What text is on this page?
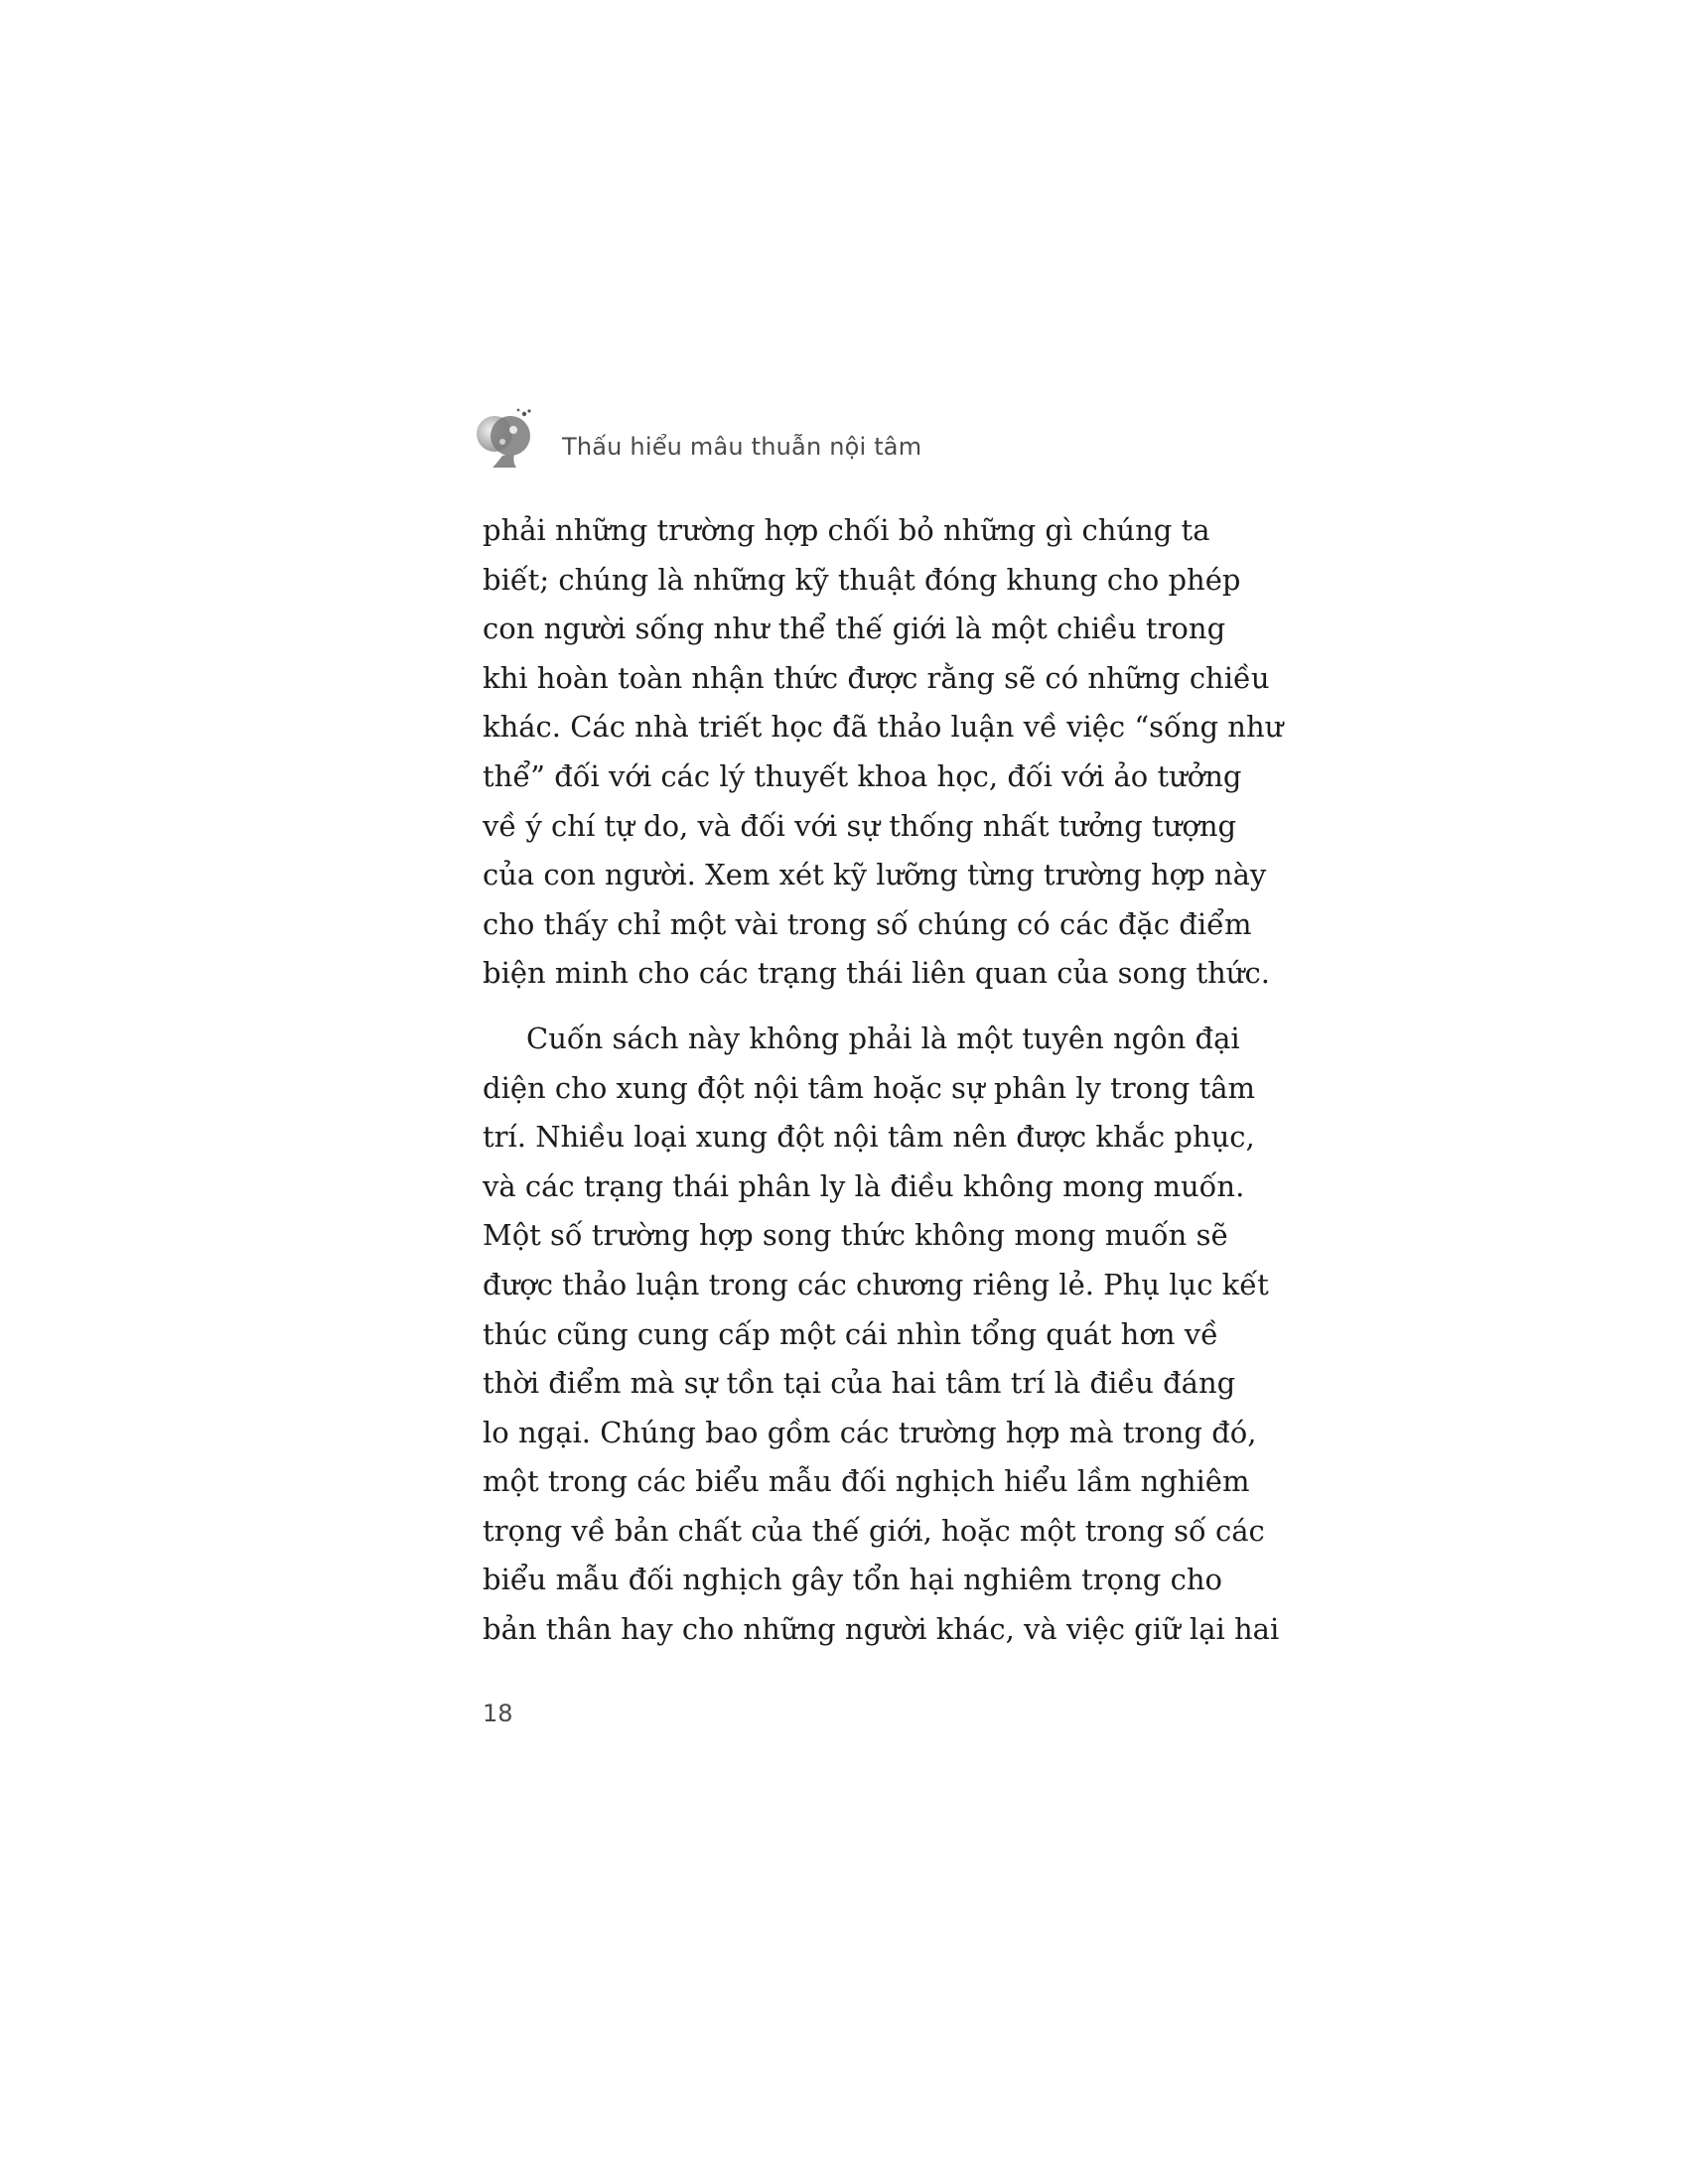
Thấu hiểu mâu thuẫn nội tâm
phải những trường hợp chối bỏ những gì chúng ta
biết; chúng là những kỹ thuật đóng khung cho phép
con người sống như thể thế giới là một chiều trong
khi hoàn toàn nhận thức được rằng sẽ có những chiều
khác. Các nhà triết học đã thảo luận về việc “sống như
thể” đối với các lý thuyết khoa học, đối với ảo tưởng
về ý chí tự do, và đối với sự thống nhất tưởng tượng
của con người. Xem xét kỹ lưỡng từng trường hợp này
cho thấy chỉ một vài trong số chúng có các đặc điểm
biện minh cho các trạng thái liên quan của song thức.
Cuốn sách này không phải là một tuyên ngôn đại
diện cho xung đột nội tâm hoặc sự phân ly trong tâm
trí. Nhiều loại xung đột nội tâm nên được khắc phục,
và các trạng thái phân ly là điều không mong muốn.
Một số trường hợp song thức không mong muốn sẽ
được thảo luận trong các chương riêng lẻ. Phụ lục kết
thúc cũng cung cấp một cái nhìn tổng quát hơn về
thời điểm mà sự tồn tại của hai tâm trí là điều đáng
lo ngại. Chúng bao gồm các trường hợp mà trong đó,
một trong các biểu mẫu đối nghịch hiểu lầm nghiêm
trọng về bản chất của thế giới, hoặc một trong số các
biểu mẫu đối nghịch gây tổn hại nghiêm trọng cho
bản thân hay cho những người khác, và việc giữ lại hai
18
